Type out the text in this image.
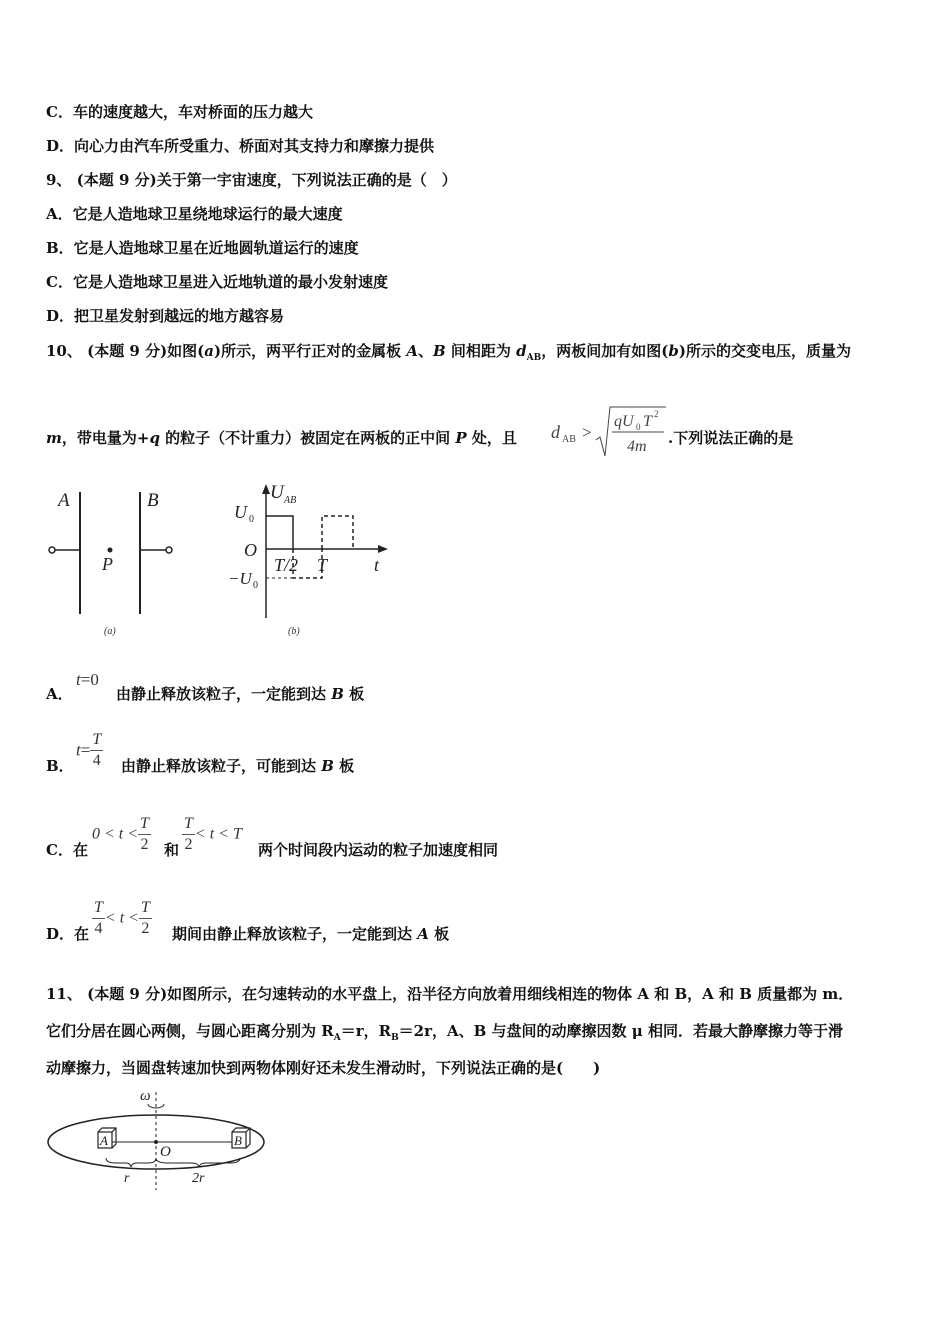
C．车的速度越大，车对桥面的压力越大
D．向心力由汽车所受重力、桥面对其支持力和摩擦力提供
9、 (本题 9 分)关于第一宇宙速度，下列说法正确的是（　）
A．它是人造地球卫星绕地球运行的最大速度
B．它是人造地球卫星在近地圆轨道运行的速度
C．它是人造地球卫星进入近地轨道的最小发射速度
D．把卫星发射到越远的地方越容易
10、 (本题 9 分)如图(a)所示，两平行正对的金属板 A、B 间相距为 $d_{AB}$，两板间加有如图(b)所示的交变电压，质量为
m，带电量为+q 的粒子（不计重力）被固定在两板的正中间 P 处，且 d AB >
qU 0 T 2
4m .下列说法正确的是
A	B
P
(a)
U AB
U 0
O
−U 0
T/2 T	t
(b)
A．
t=0
由静止释放该粒子，一定能到达 B 板
B．
$t= \frac{T}{4}$ 由静止释放该粒子，可能到达 B 板
C．在
$0 < t < \frac{T}{2}$ 和 $\frac{T}{2} < t < T$
两个时间段内运动的粒子加速度相同
D．在 $\frac{T}{4} < t < \frac{T}{2}$ 期间由静止释放该粒子，一定能到达 A 板
11、 (本题 9 分)如图所示，在匀速转动的水平盘上，沿半径方向放着用细线相连的物体 A 和 B，A 和 B 质量都为 m．
它们分居在圆心两侧，与圆心距离分别为 $R_A=r$，$R_B=2r$，A、B 与盘间的动摩擦因数 μ 相同．若最大静摩擦力等于滑
动摩擦力，当圆盘转速加快到两物体刚好还未发生滑动时，下列说法正确的是(　　)
ω
A	B
O
r	2r
